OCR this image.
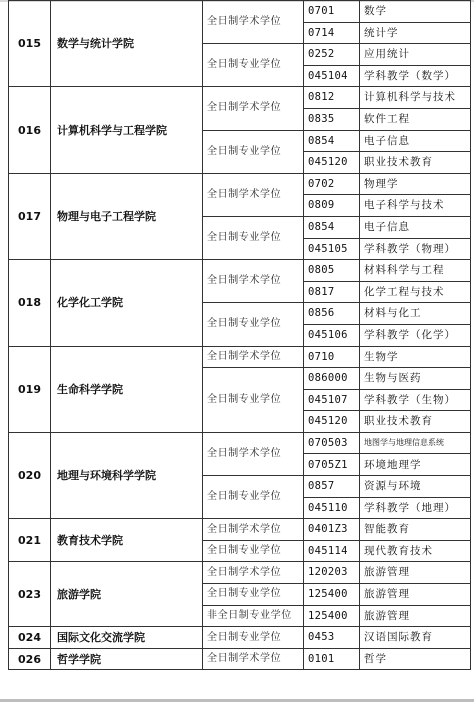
015	数学与统计学院	全日制学术学位	0701	数学
			0714	统计学
		全日制专业学位	0252	应用统计
			045104	学科教学（数学）
016	计算机科学与工程学院	全日制学术学位	0812	计算机科学与技术
			0835	软件工程
		全日制专业学位	0854	电子信息
			045120	职业技术教育
017	物理与电子工程学院	全日制学术学位	0702	物理学
			0809	电子科学与技术
		全日制专业学位	0854	电子信息
			045105	学科教学（物理）
018	化学化工学院	全日制学术学位	0805	材料科学与工程
			0817	化学工程与技术
		全日制专业学位	0856	材料与化工
			045106	学科教学（化学）
019	生命科学学院	全日制学术学位	0710	生物学
		全日制专业学位	086000	生物与医药
			045107	学科教学（生物）
			045120	职业技术教育
020	地理与环境科学学院	全日制学术学位	070503	地图学与地理信息系统
			0705Z1	环境地理学
		全日制专业学位	0857	资源与环境
			045110	学科教学（地理）
021	教育技术学院	全日制学术学位	0401Z3	智能教育
		全日制专业学位	045114	现代教育技术
023	旅游学院	全日制学术学位	120203	旅游管理
		全日制专业学位	125400	旅游管理
		非全日制专业学位	125400	旅游管理
024	国际文化交流学院	全日制专业学位	0453	汉语国际教育
026	哲学学院	全日制学术学位	0101	哲学
